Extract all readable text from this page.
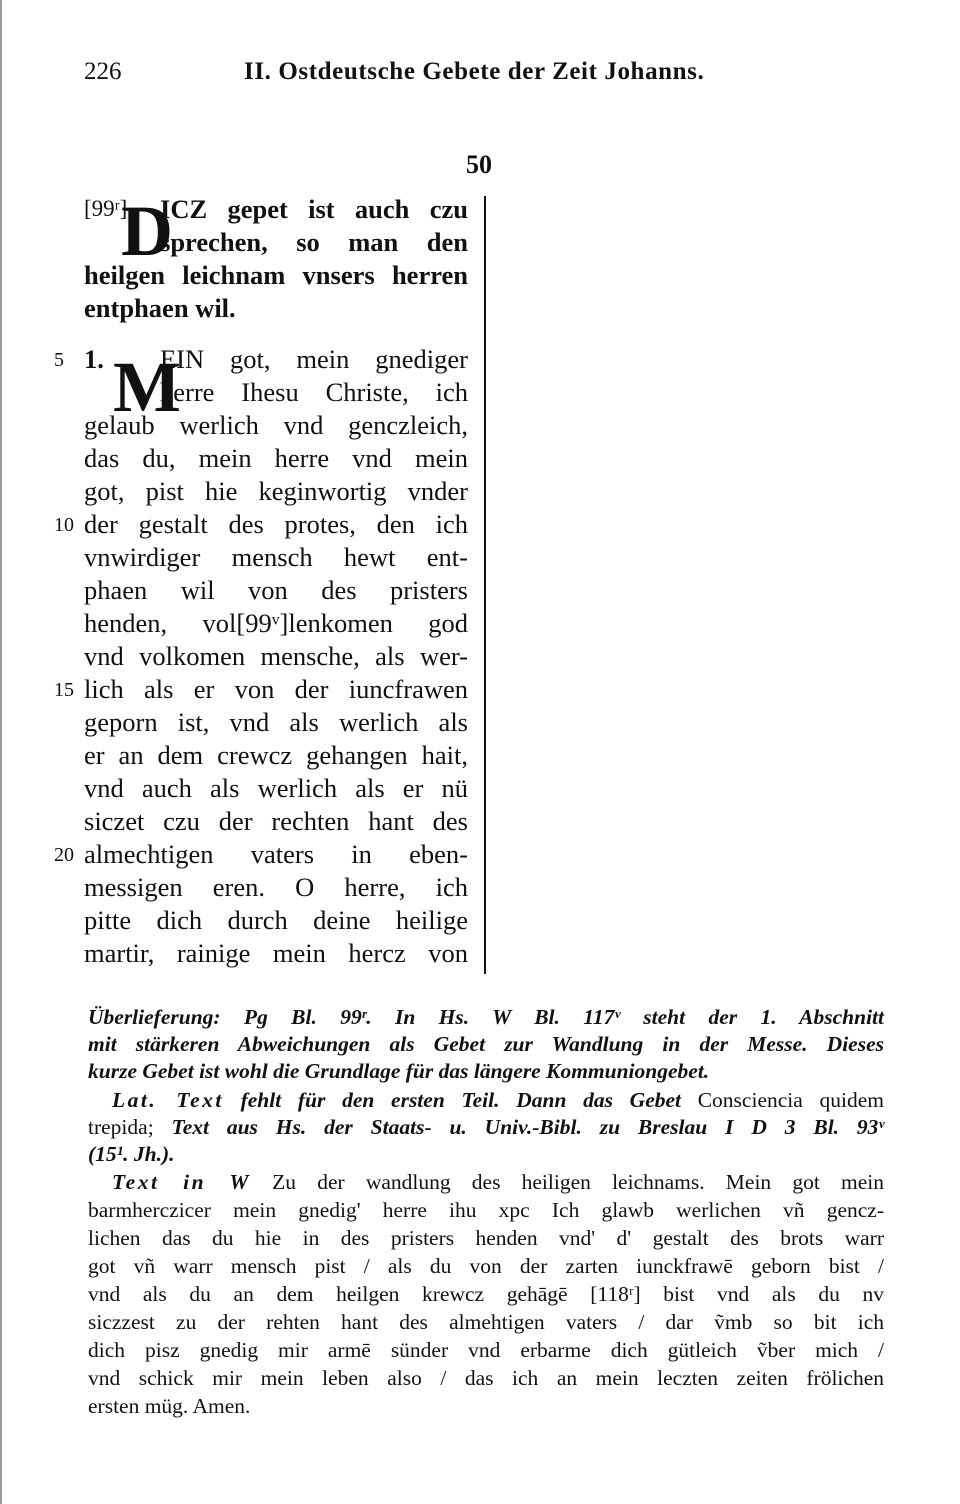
226	II. Ostdeutsche Gebete der Zeit Johanns.
50
[99ʳ]
D
ICZ gepet ist auch czu
sprechen, so man den
heilgen leichnam vnsers herren
entphaen wil.
5 1. M
EIN got, mein gnediger
herre Ihesu Christe, ich
gelaub werlich vnd genczleich,
das du, mein herre vnd mein
got, pist hie keginwortig vnder
10 der gestalt des protes, den ich
vnwirdiger mensch hewt ent-
phaen wil von des pristers
henden, vol[99ᵛ]lenkomen god
vnd volkomen mensche, als wer-
15 lich als er von der iuncfrawen
geporn ist, vnd als werlich als
er an dem crewcz gehangen hait,
vnd auch als werlich als er nü
siczet czu der rechten hant des
20 almechtigen vaters in eben-
messigen eren. O herre, ich
pitte dich durch deine heilige
martir, rainige mein hercz von
Überlieferung: Pg Bl. 99ʳ. In Hs. W Bl. 117ᵛ steht der 1. Abschnitt
mit stärkeren Abweichungen als Gebet zur Wandlung in der Messe. Dieses
kurze Gebet ist wohl die Grundlage für das längere Kommuniongebet.
Lat. Text fehlt für den ersten Teil. Dann das Gebet Consciencia quidem
trepida; Text aus Hs. der Staats- u. Univ.-Bibl. zu Breslau I D 3 Bl. 93ᵛ
(15¹. Jh.).
Text in W Zu der wandlung des heiligen leichnams. Mein got mein
barmherczicer mein gnedig' herre ihu xpc Ich glawb werlichen vñ gencz-
lichen das du hie in des pristers henden vnd' d' gestalt des brots warr
got vñ warr mensch pist / als du von der zarten iunckfrawē geborn bist /
vnd als du an dem heilgen krewcz gehāgē [118ʳ] bist vnd als du nv
siczzest zu der rehten hant des almehtigen vaters / dar ṽmb so bit ich
dich pisz gnedig mir armē sünder vnd erbarme dich gütleich ṽber mich /
vnd schick mir mein leben also / das ich an mein leczten zeiten frölichen
ersten müg. Amen.
